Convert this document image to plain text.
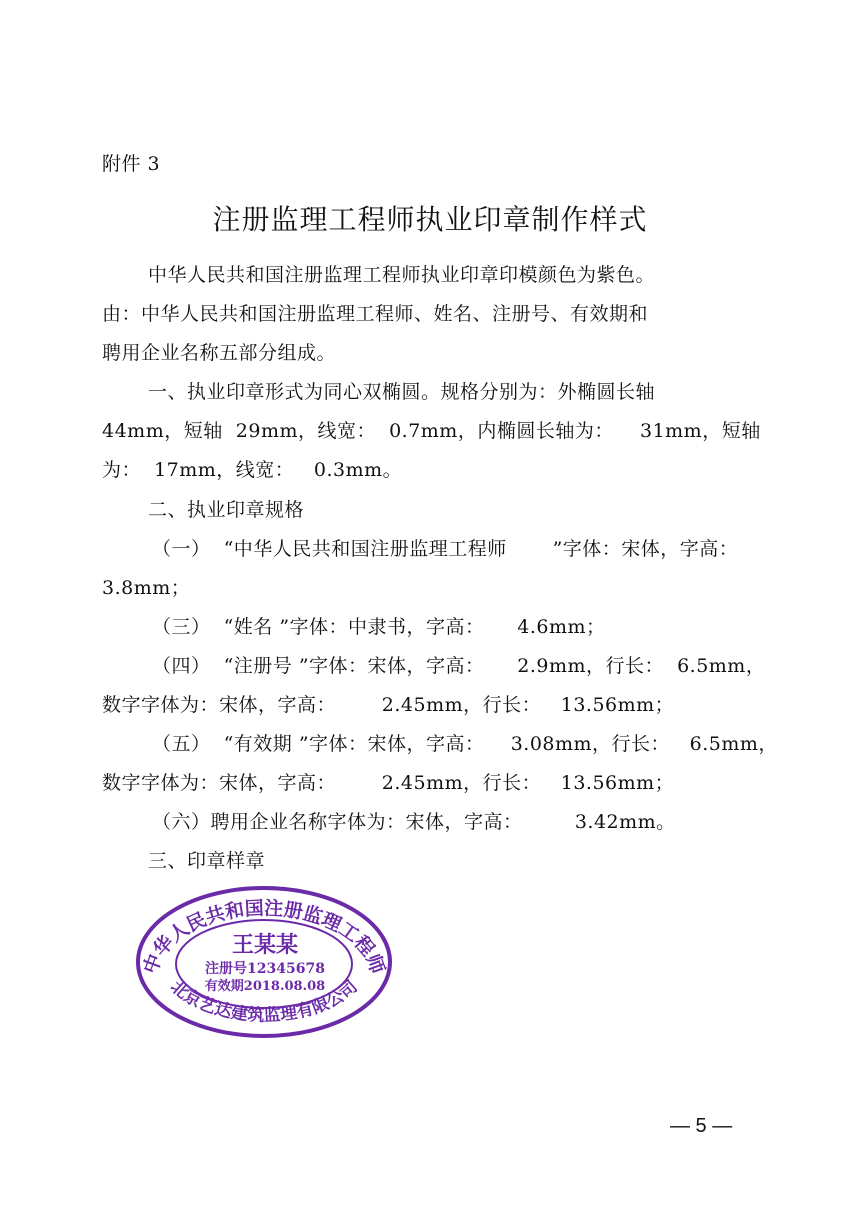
附件 3
注册监理工程师执业印章制作样式
中华人民共和国注册监理工程师执业印章印模颜色为紫色。
由：中华人民共和国注册监理工程师、姓名、注册号、有效期和
聘用企业名称五部分组成。
一、执业印章形式为同心双椭圆。规格分别为：外椭圆长轴
44mm，短轴  29mm，线宽：  0.7mm，内椭圆长轴为：    31mm，短轴
为：  17mm，线宽：   0.3mm。
二、执业印章规格
（一）  “中华人民共和国注册监理工程师       ”字体：宋体，字高：
3.8mm；
（三）  “姓名 ”字体：中隶书，字高：     4.6mm；
（四）  “注册号 ”字体：宋体，字高：     2.9mm，行长：  6.5mm，
数字字体为：宋体，字高：       2.45mm，行长：   13.56mm；
（五）  “有效期 ”字体：宋体，字高：    3.08mm，行长：   6.5mm，
数字字体为：宋体，字高：       2.45mm，行长：   13.56mm；
（六）聘用企业名称字体为：宋体，字高：        3.42mm。
三、印章样章
中华人民共和国注册监理工程师
北京艺达建筑监理有限公司
王某某
注册号12345678
有效期2018.08.08
— 5 —
